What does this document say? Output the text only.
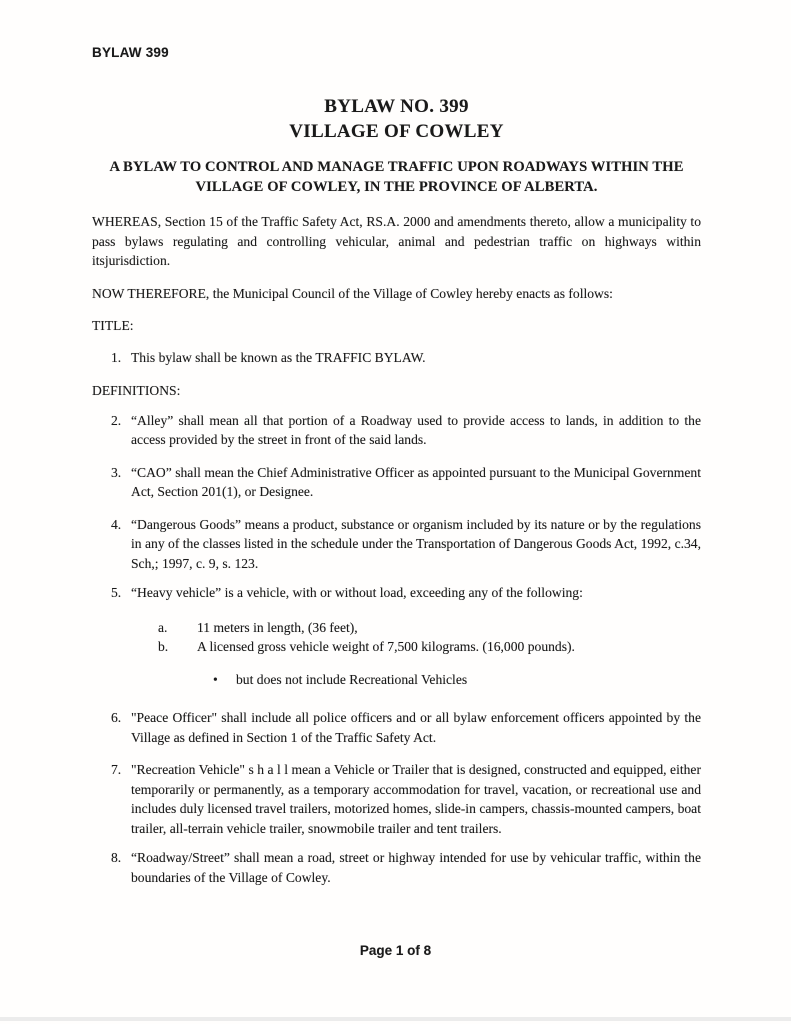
BYLAW 399
BYLAW NO. 399
VILLAGE OF COWLEY
A BYLAW TO CONTROL AND MANAGE TRAFFIC UPON ROADWAYS WITHIN THE
VILLAGE OF COWLEY, IN THE PROVINCE OF ALBERTA.

WHEREAS, Section 15 of the Traffic Safety Act, RS.A. 2000 and amendments thereto, allow a municipality to pass bylaws regulating and controlling vehicular, animal and pedestrian traffic on highways within itsjurisdiction.

NOW THEREFORE, the Municipal Council of the Village of Cowley hereby enacts as follows:

TITLE:

1. This bylaw shall be known as the TRAFFIC BYLAW.

DEFINITIONS:

2. “Alley” shall mean all that portion of a Roadway used to provide access to lands, in addition to the access provided by the street in front of the said lands.
3. “CAO” shall mean the Chief Administrative Officer as appointed pursuant to the Municipal Government Act, Section 201(1), or Designee.
4. “Dangerous Goods” means a product, substance or organism included by its nature or by the regulations in any of the classes listed in the schedule under the Transportation of Dangerous Goods Act, 1992, c.34, Sch,; 1997, c. 9, s. 123.
5. “Heavy vehicle” is a vehicle, with or without load, exceeding any of the following:
a.	11 meters in length, (36 feet),
b.	A licensed gross vehicle weight of 7,500 kilograms. (16,000 pounds).
•	but does not include Recreational Vehicles
6. "Peace Officer" shall include all police officers and or all bylaw enforcement officers appointed by the Village as defined in Section 1 of the Traffic Safety Act.
7. "Recreation Vehicle" s h a l l mean a Vehicle or Trailer that is designed, constructed and equipped, either temporarily or permanently, as a temporary accommodation for travel, vacation, or recreational use and includes duly licensed travel trailers, motorized homes, slide-in campers, chassis-mounted campers, boat trailer, all-terrain vehicle trailer, snowmobile trailer and tent trailers.
8. “Roadway/Street” shall mean a road, street or highway intended for use by vehicular traffic, within the boundaries of the Village of Cowley.
Page 1 of 8
